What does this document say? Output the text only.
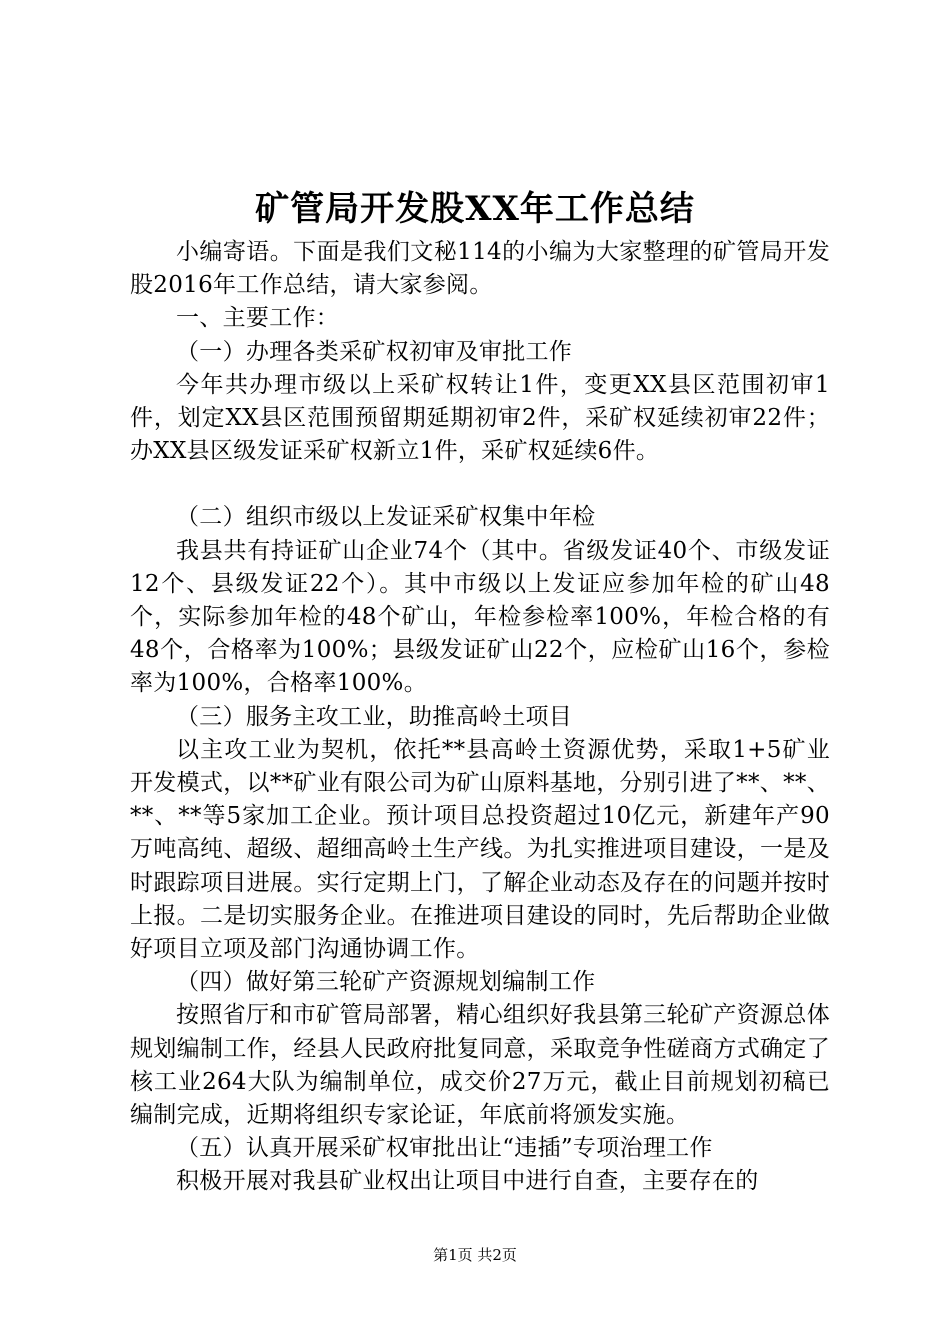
矿管局开发股XX年工作总结

小编寄语。下面是我们文秘114的小编为大家整理的矿管局开发股2016年工作总结，请大家参阅。

一、主要工作：

（一）办理各类采矿权初审及审批工作

今年共办理市级以上采矿权转让1件，变更XX县区范围初审1件，划定XX县区范围预留期延期初审2件，采矿权延续初审22件；办XX县区级发证采矿权新立1件，采矿权延续6件。

（二）组织市级以上发证采矿权集中年检

我县共有持证矿山企业74个（其中。省级发证40个、市级发证12个、县级发证22个）。其中市级以上发证应参加年检的矿山48个，实际参加年检的48个矿山，年检参检率100%，年检合格的有48个，合格率为100%；县级发证矿山22个，应检矿山16个，参检率为100%，合格率100%。

（三）服务主攻工业，助推高岭土项目

以主攻工业为契机，依托**县高岭土资源优势，采取1+5矿业开发模式，以**矿业有限公司为矿山原料基地，分别引进了**、**、**、**等5家加工企业。预计项目总投资超过10亿元，新建年产90万吨高纯、超级、超细高岭土生产线。为扎实推进项目建设，一是及时跟踪项目进展。实行定期上门，了解企业动态及存在的问题并按时上报。二是切实服务企业。在推进项目建设的同时，先后帮助企业做好项目立项及部门沟通协调工作。

（四）做好第三轮矿产资源规划编制工作

按照省厅和市矿管局部署，精心组织好我县第三轮矿产资源总体规划编制工作，经县人民政府批复同意，采取竞争性磋商方式确定了核工业264大队为编制单位，成交价27万元，截止目前规划初稿已编制完成，近期将组织专家论证，年底前将颁发实施。

（五）认真开展采矿权审批出让“违插”专项治理工作

积极开展对我县矿业权出让项目中进行自查，主要存在的

第1页 共2页
